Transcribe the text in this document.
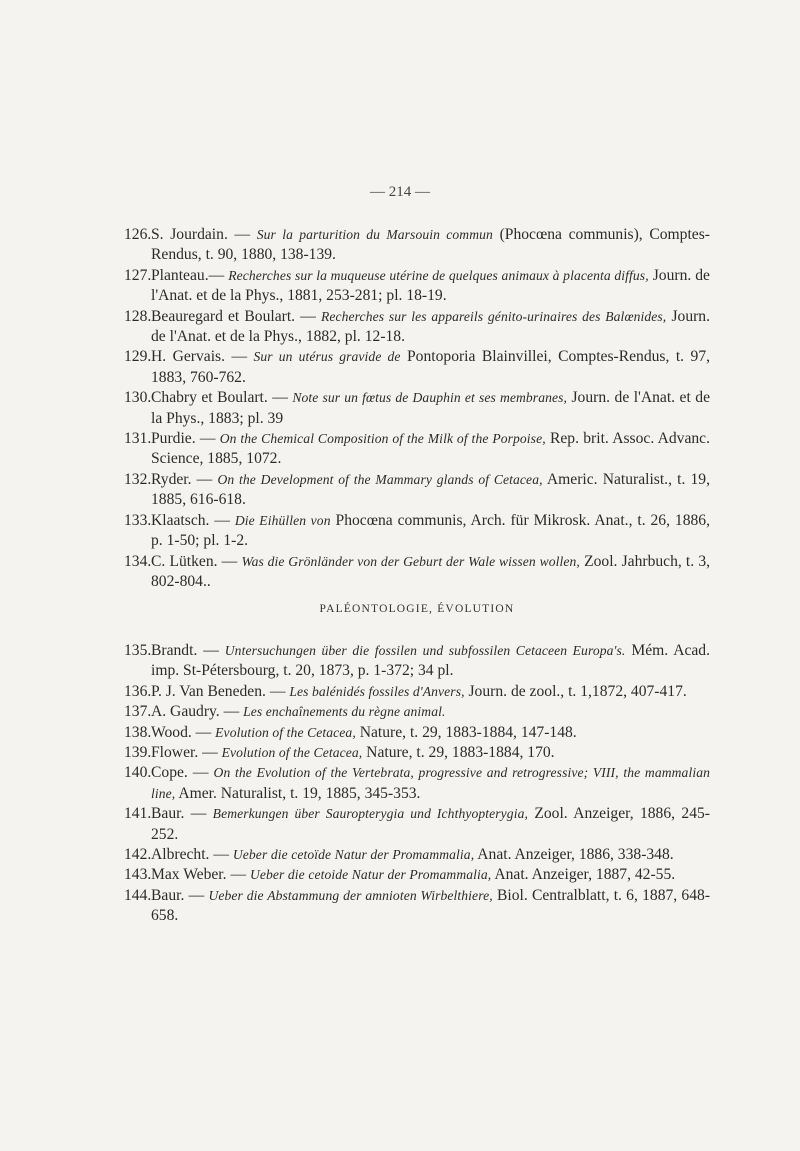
— 214 —
126. S. Jourdain. — Sur la parturition du Marsouin commun (Phocœna communis), Comptes-Rendus, t. 90, 1880, 138-139.
127. Planteau.— Recherches sur la muqueuse utérine de quelques animaux à placenta diffus, Journ. de l'Anat. et de la Phys., 1881, 253-281; pl. 18-19.
128. Beauregard et Boulart. — Recherches sur les appareils génito-urinaires des Balœnides, Journ. de l'Anat. et de la Phys., 1882, pl. 12-18.
129. H. Gervais. — Sur un utérus gravide de Pontoporia Blainvillei, Comptes-Rendus, t. 97, 1883, 760-762.
130. Chabry et Boulart. — Note sur un fœtus de Dauphin et ses membranes, Journ. de l'Anat. et de la Phys., 1883; pl. 39
131. Purdie. — On the Chemical Composition of the Milk of the Porpoise, Rep. brit. Assoc. Advanc. Science, 1885, 1072.
132. Ryder. — On the Development of the Mammary glands of Cetacea, Americ. Naturalist., t. 19, 1885, 616-618.
133. Klaatsch. — Die Eihüllen von Phocœna communis, Arch. für Mikrosk. Anat., t. 26, 1886, p. 1-50; pl. 1-2.
134. C. Lütken. — Was die Grönländer von der Geburt der Wale wissen wollen, Zool. Jahrbuch, t. 3, 802-804..
PALÉONTOLOGIE, ÉVOLUTION
135. Brandt. — Untersuchungen über die fossilen und subfossilen Cetaceen Europa's. Mém. Acad. imp. St-Pétersbourg, t. 20, 1873, p. 1-372; 34 pl.
136. P. J. Van Beneden. — Les balénidés fossiles d'Anvers, Journ. de zool., t. 1,1872, 407-417.
137. A. Gaudry. — Les enchaînements du règne animal.
138. Wood. — Evolution of the Cetacea, Nature, t. 29, 1883-1884, 147-148.
139. Flower. — Evolution of the Cetacea, Nature, t. 29, 1883-1884, 170.
140. Cope. — On the Evolution of the Vertebrata, progressive and retrogressive; VIII, the mammalian line, Amer. Naturalist, t. 19, 1885, 345-353.
141. Baur. — Bemerkungen über Sauropterygia und Ichthyopterygia, Zool. Anzeiger, 1886, 245-252.
142. Albrecht. — Ueber die cetoïde Natur der Promammalia, Anat. Anzeiger, 1886, 338-348.
143. Max Weber. — Ueber die cetoide Natur der Promammalia, Anat. Anzeiger, 1887, 42-55.
144. Baur. — Ueber die Abstammung der amnioten Wirbelthiere, Biol. Centralblatt, t. 6, 1887, 648-658.
